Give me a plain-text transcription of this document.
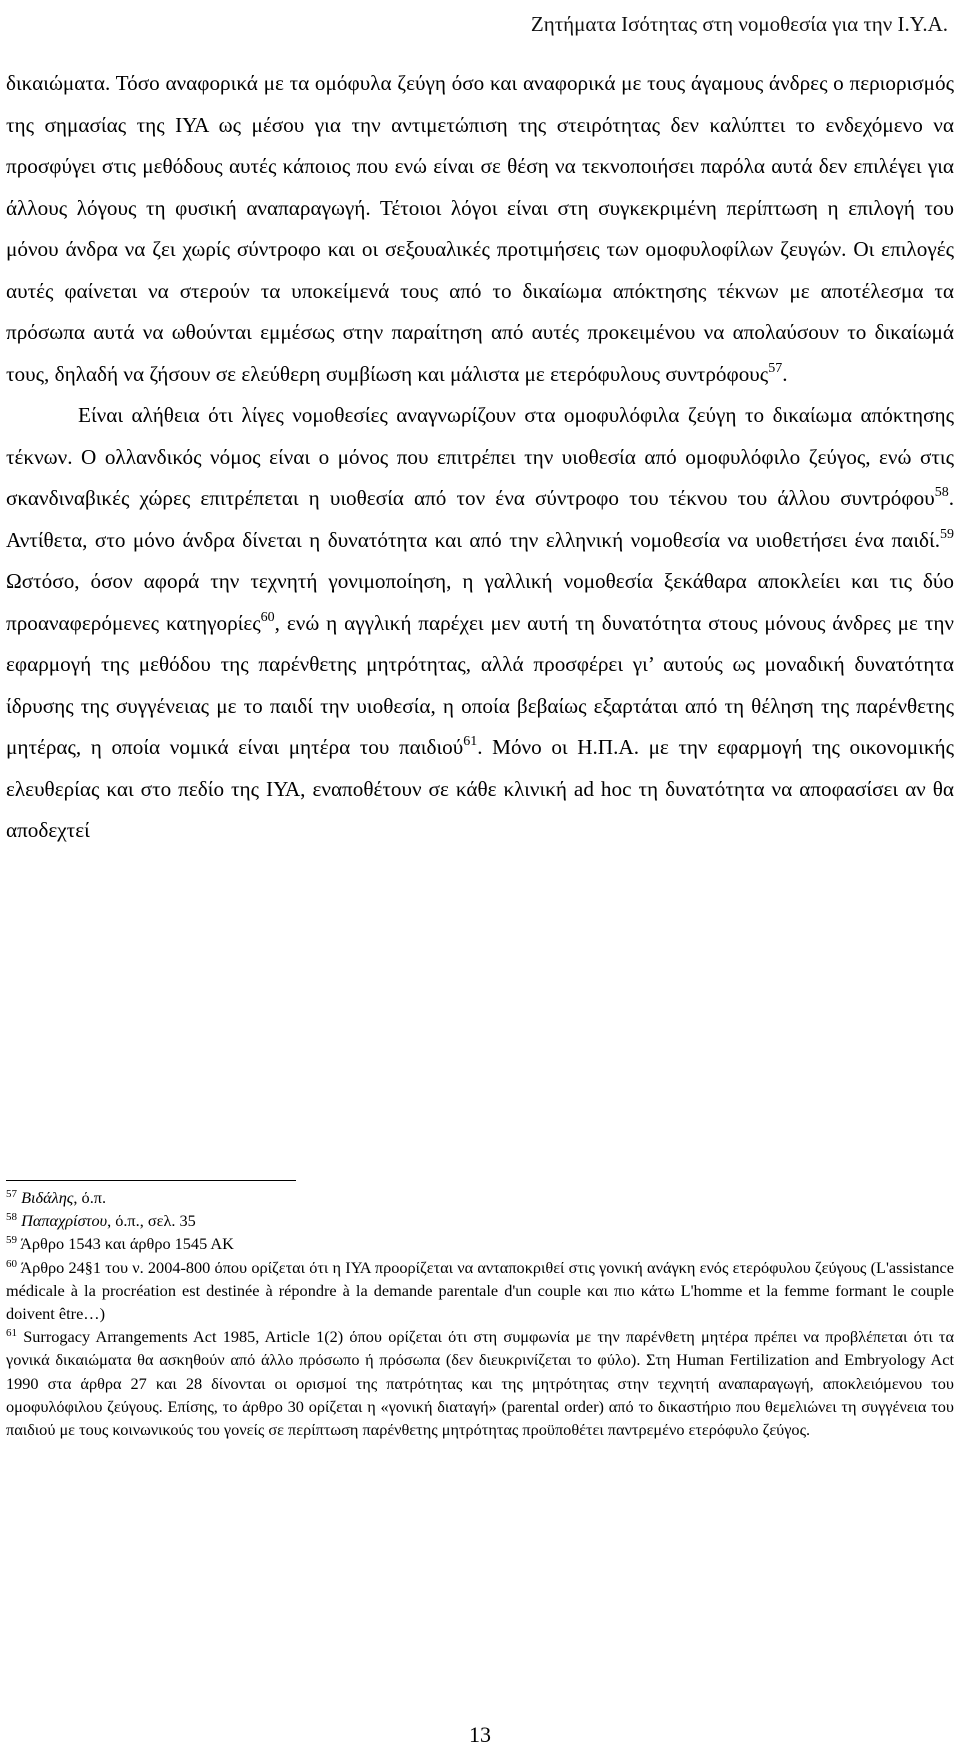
Ζητήματα Ισότητας στη νομοθεσία για την Ι.Υ.Α.

δικαιώματα. Τόσο αναφορικά με τα ομόφυλα ζεύγη όσο και αναφορικά με τους άγαμους άνδρες ο περιορισμός της σημασίας της ΙΥΑ ως μέσου για την αντιμετώπιση της στειρότητας δεν καλύπτει το ενδεχόμενο να προσφύγει στις μεθόδους αυτές κάποιος που ενώ είναι σε θέση να τεκνοποιήσει παρόλα αυτά δεν επιλέγει για άλλους λόγους τη φυσική αναπαραγωγή. Τέτοιοι λόγοι είναι στη συγκεκριμένη περίπτωση η επιλογή του μόνου άνδρα να ζει χωρίς σύντροφο και οι σεξουαλικές προτιμήσεις των ομοφυλοφίλων ζευγών. Οι επιλογές αυτές φαίνεται να στερούν τα υποκείμενά τους από το δικαίωμα απόκτησης τέκνων με αποτέλεσμα τα πρόσωπα αυτά να ωθούνται εμμέσως στην παραίτηση από αυτές προκειμένου να απολαύσουν το δικαίωμά τους, δηλαδή να ζήσουν σε ελεύθερη συμβίωση και μάλιστα με ετερόφυλους συντρόφους$^{57}$.

Είναι αλήθεια ότι λίγες νομοθεσίες αναγνωρίζουν στα ομοφυλόφιλα ζεύγη το δικαίωμα απόκτησης τέκνων. Ο ολλανδικός νόμος είναι ο μόνος που επιτρέπει την υιοθεσία από ομοφυλόφιλο ζεύγος, ενώ στις σκανδιναβικές χώρες επιτρέπεται η υιοθεσία από τον ένα σύντροφο του τέκνου του άλλου συντρόφου$^{58}$. Αντίθετα, στο μόνο άνδρα δίνεται η δυνατότητα και από την ελληνική νομοθεσία να υιοθετήσει ένα παιδί.$^{59}$ Ωστόσο, όσον αφορά την τεχνητή γονιμοποίηση, η γαλλική νομοθεσία ξεκάθαρα αποκλείει και τις δύο προαναφερόμενες κατηγορίες$^{60}$, ενώ η αγγλική παρέχει μεν αυτή τη δυνατότητα στους μόνους άνδρες με την εφαρμογή της μεθόδου της παρένθετης μητρότητας, αλλά προσφέρει γι’ αυτούς ως μοναδική δυνατότητα ίδρυσης της συγγένειας με το παιδί την υιοθεσία, η οποία βεβαίως εξαρτάται από τη θέληση της παρένθετης μητέρας, η οποία νομικά είναι μητέρα του παιδιού$^{61}$. Μόνο οι Η.Π.Α. με την εφαρμογή της οικονομικής ελευθερίας και στο πεδίο της ΙΥΑ, εναποθέτουν σε κάθε κλινική ad hoc τη δυνατότητα να αποφασίσει αν θα αποδεχτεί

$^{57}$ Βιδάλης, ό.π.

$^{58}$ Παπαχρίστου, ό.π., σελ. 35

$^{59}$ Άρθρο 1543 και άρθρο 1545 ΑΚ

$^{60}$ Άρθρο 24§1 του ν. 2004-800 όπου ορίζεται ότι η ΙΥΑ προορίζεται να ανταποκριθεί στις γονική ανάγκη ενός ετερόφυλου ζεύγους (L'assistance médicale à la procréation est destinée à répondre à la demande parentale d'un couple και πιο κάτω L'homme et la femme formant le couple doivent être…)

$^{61}$ Surrogacy Arrangements Act 1985, Article 1(2) όπου ορίζεται ότι στη συμφωνία με την παρένθετη μητέρα πρέπει να προβλέπεται ότι τα γονικά δικαιώματα θα ασκηθούν από άλλο πρόσωπο ή πρόσωπα (δεν διευκρινίζεται το φύλο). Στη Human Fertilization and Embryology Act 1990 στα άρθρα 27 και 28 δίνονται οι ορισμοί της πατρότητας και της μητρότητας στην τεχνητή αναπαραγωγή, αποκλειόμενου του ομοφυλόφιλου ζεύγους. Επίσης, το άρθρο 30 ορίζεται η «γονική διαταγή» (parental order) από το δικαστήριο που θεμελιώνει τη συγγένεια του παιδιού με τους κοινωνικούς του γονείς σε περίπτωση παρένθετης μητρότητας προϋποθέτει παντρεμένο ετερόφυλο ζεύγος.

13
